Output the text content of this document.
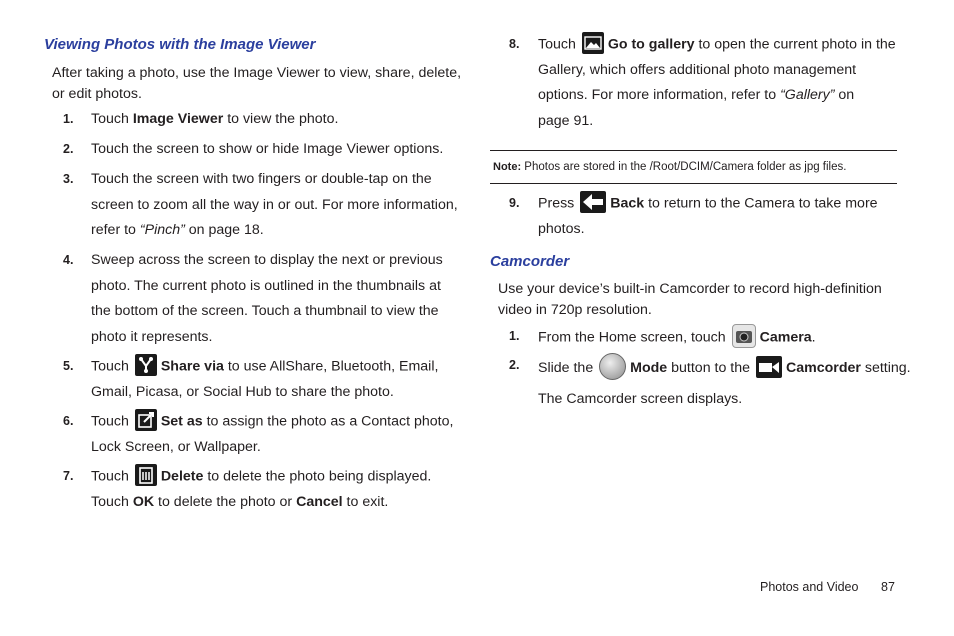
Viewing Photos with the Image Viewer
After taking a photo, use the Image Viewer to view, share, delete,
or edit photos.
1. Touch Image Viewer to view the photo.
2. Touch the screen to show or hide Image Viewer options.
3. Touch the screen with two fingers or double-tap on the
screen to zoom all the way in or out. For more information,
refer to “Pinch” on page 18.
4. Sweep across the screen to display the next or previous
photo. The current photo is outlined in the thumbnails at
the bottom of the screen. Touch a thumbnail to view the
photo it represents.
5. Touch
Share via to use AllShare, Bluetooth, Email,
Gmail, Picasa, or Social Hub to share the photo.
6. Touch
Set as to assign the photo as a Contact photo,
Lock Screen, or Wallpaper.
7. Touch
Delete to delete the photo being displayed.
Touch OK to delete the photo or Cancel to exit.
8. Touch
Go to gallery to open the current photo in the
Gallery, which offers additional photo management
options. For more information, refer to “Gallery” on
page 91.
Note: Photos are stored in the /Root/DCIM/Camera folder as jpg files.
9. Press
Back to return to the Camera to take more
photos.
Camcorder
Use your device’s built-in Camcorder to record high-definition
video in 720p resolution.
1. From the Home screen, touch
Camera.
2. Slide the Mode button to the
Camcorder setting.
The Camcorder screen displays.
Photos and Video 87
